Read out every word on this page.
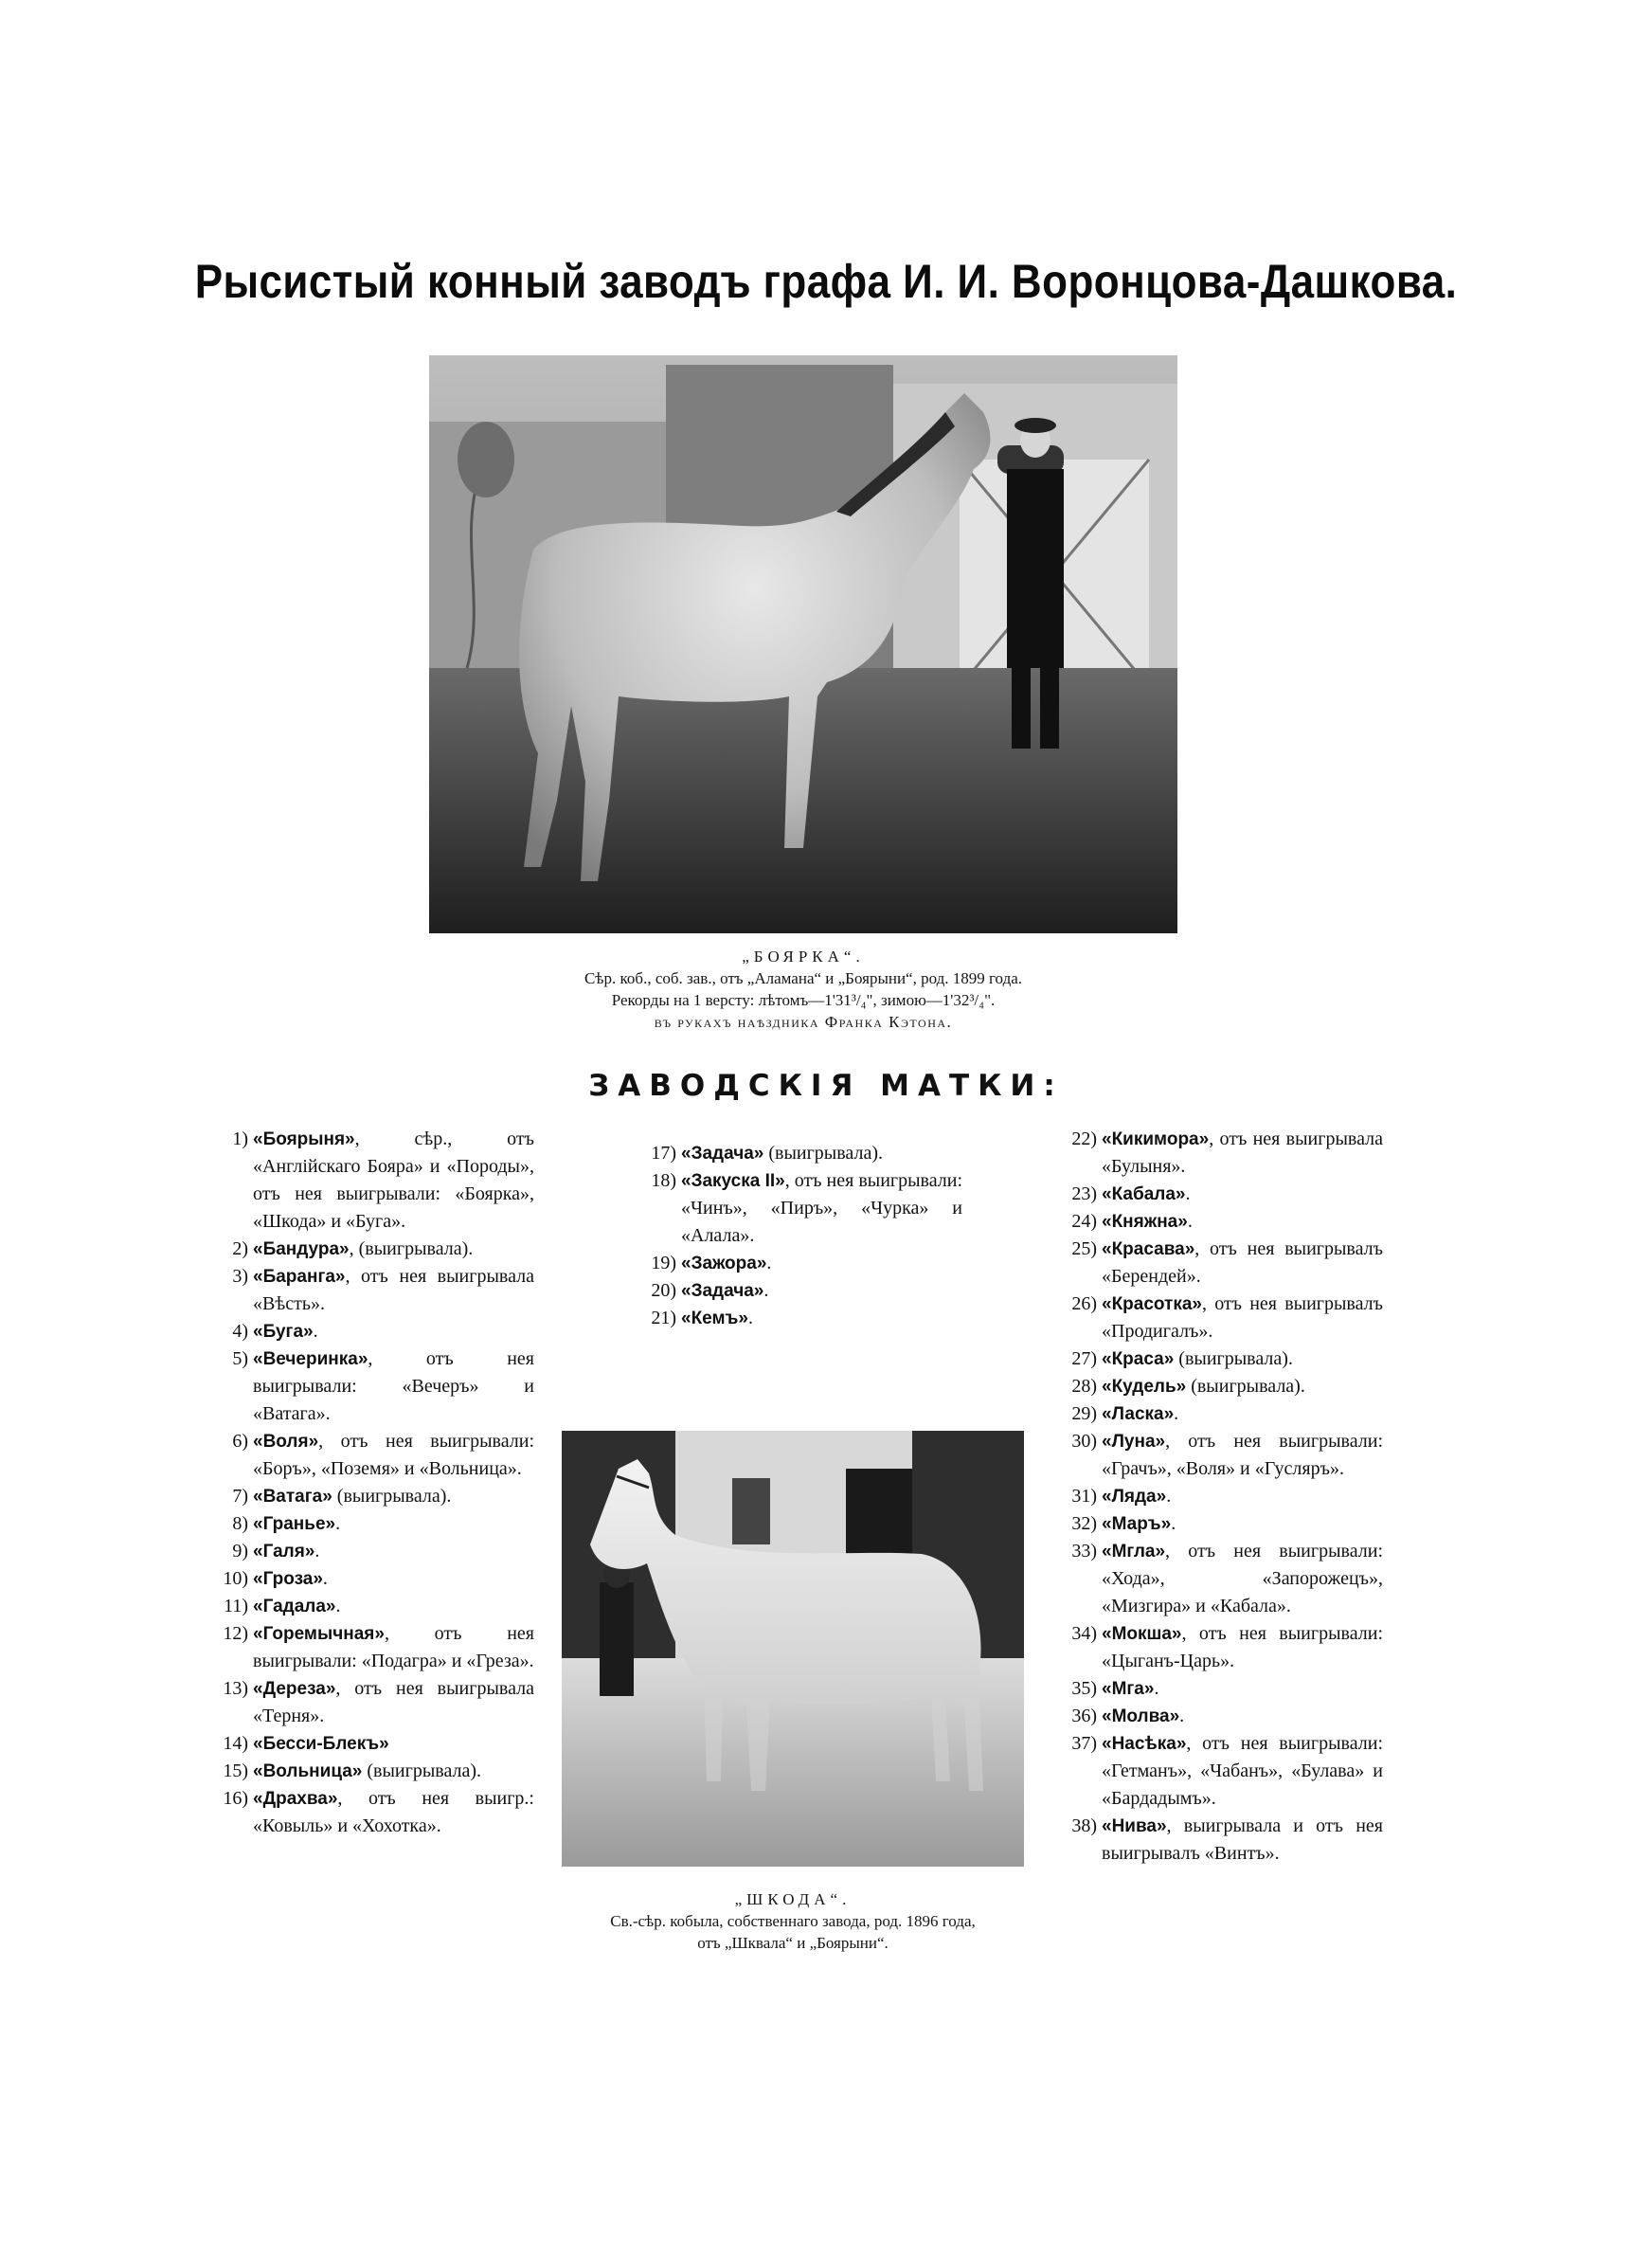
Рысистый конный заводъ графа И. И. Воронцова-Дашкова.
„БОЯРКА“.
Сѣр. коб., соб. зав., отъ „Аламана“ и „Боярыни“, род. 1899 года.
Рекорды на 1 версту: лѣтомъ—1'31³/₄", зимою—1'32³/₄".
въ рукахъ наѣздника Франка Кэтона.
ЗАВОДСКІЯ МАТКИ:
1) «Боярыня», сѣр., отъ «Англійскаго Бояра» и «Породы», отъ нея выигрывали: «Боярка», «Шкода» и «Буга».
2) «Бандура», (выигрывала).
3) «Баранга», отъ нея выигрывала «Вѣсть».
4) «Буга».
5) «Вечеринка», отъ нея выигрывали: «Вечеръ» и «Ватага».
6) «Воля», отъ нея выигрывали: «Боръ», «Поземя» и «Вольница».
7) «Ватага» (выигрывала).
8) «Гранье».
9) «Галя».
10) «Гроза».
11) «Гадала».
12) «Горемычная», отъ нея выигрывали: «Подагра» и «Греза».
13) «Дереза», отъ нея выигрывала «Терня».
14) «Бесси-Блекъ»
15) «Вольница» (выигрывала).
16) «Драхва», отъ нея выигр.: «Ковыль» и «Хохотка».
17) «Задача» (выигрывала).
18) «Закуска II», отъ нея выигрывали: «Чинъ», «Пиръ», «Чурка» и «Алала».
19) «Зажора».
20) «Задача».
21) «Кемъ».
22) «Кикимора», отъ нея выигрывала «Булыня».
23) «Кабала».
24) «Княжна».
25) «Красава», отъ нея выигрывалъ «Берендей».
26) «Красотка», отъ нея выигрывалъ «Продигалъ».
27) «Краса» (выигрывала).
28) «Кудель» (выигрывала).
29) «Ласка».
30) «Луна», отъ нея выигрывали: «Грачъ», «Воля» и «Гусляръ».
31) «Ляда».
32) «Маръ».
33) «Мгла», отъ нея выигрывали: «Хода», «Запорожецъ», «Мизгира» и «Кабала».
34) «Мокша», отъ нея выигрывали: «Цыганъ-Царь».
35) «Мга».
36) «Молва».
37) «Насѣка», отъ нея выигрывали: «Гетманъ», «Чабанъ», «Булава» и «Бардадымъ».
38) «Нива», выигрывала и отъ нея выигрывалъ «Винтъ».
„ШКОДА“.
Св.-сѣр. кобыла, собственнаго завода, род. 1896 года,
отъ „Шквала“ и „Боярыни“.
